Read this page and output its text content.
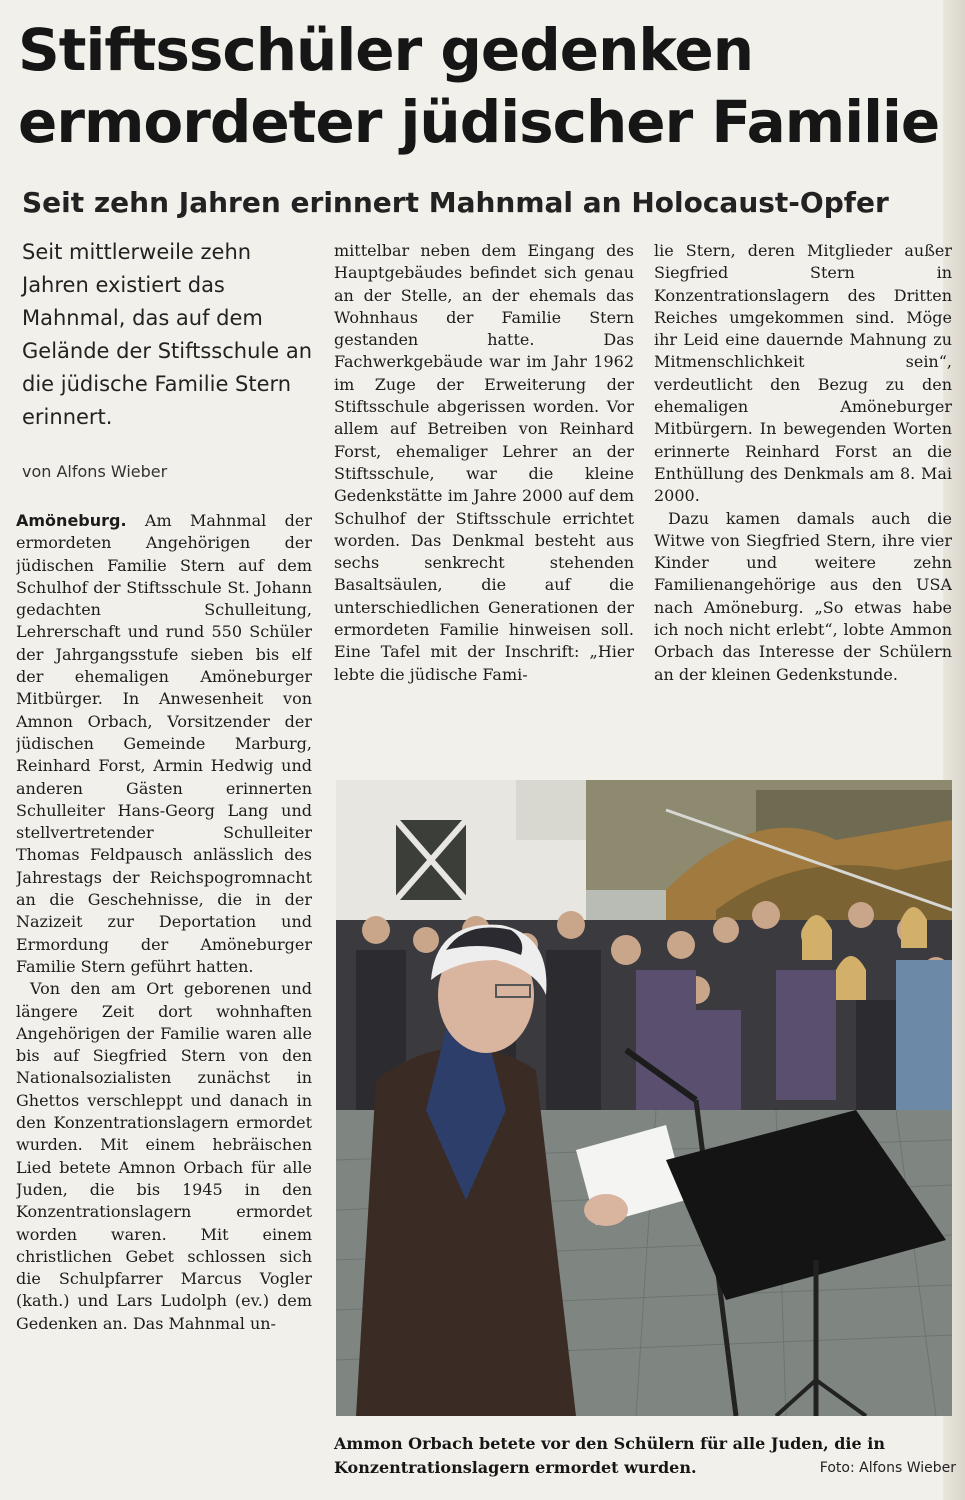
Stiftsschüler gedenken
ermordeter jüdischer Familie
Seit zehn Jahren erinnert Mahnmal an Holocaust-Opfer

Seit mittlerweile zehn Jahren existiert das Mahnmal, das auf dem Gelände der Stiftsschule an die jüdische Familie Stern erinnert.

von Alfons Wieber

Amöneburg. Am Mahnmal der ermordeten Angehörigen der jüdischen Familie Stern auf dem Schulhof der Stiftsschule St. Johann gedachten Schulleitung, Lehrerschaft und rund 550 Schüler der Jahrgangsstufe sieben bis elf der ehemaligen Amöneburger Mitbürger. In Anwesenheit von Amnon Orbach, Vorsitzender der jüdischen Gemeinde Marburg, Reinhard Forst, Armin Hedwig und anderen Gästen erinnerten Schulleiter Hans-Georg Lang und stellvertretender Schulleiter Thomas Feldpausch anlässlich des Jahrestags der Reichspogromnacht an die Geschehnisse, die in der Nazizeit zur Deportation und Ermordung der Amöneburger Familie Stern geführt hatten.

Von den am Ort geborenen und längere Zeit dort wohnhaften Angehörigen der Familie waren alle bis auf Siegfried Stern von den Nationalsozialisten zunächst in Ghettos verschleppt und danach in den Konzentrationslagern ermordet wurden. Mit einem hebräischen Lied betete Amnon Orbach für alle Juden, die bis 1945 in den Konzentrationslagern ermordet worden waren. Mit einem christlichen Gebet schlossen sich die Schulpfarrer Marcus Vogler (kath.) und Lars Ludolph (ev.) dem Gedenken an. Das Mahnmal un-

mittelbar neben dem Eingang des Hauptgebäudes befindet sich genau an der Stelle, an der ehemals das Wohnhaus der Familie Stern gestanden hatte. Das Fachwerkgebäude war im Jahr 1962 im Zuge der Erweiterung der Stiftsschule abgerissen worden. Vor allem auf Betreiben von Reinhard Forst, ehemaliger Lehrer an der Stiftsschule, war die kleine Gedenkstätte im Jahre 2000 auf dem Schulhof der Stiftsschule errichtet worden. Das Denkmal besteht aus sechs senkrecht stehenden Basaltsäulen, die auf die unterschiedlichen Generationen der ermordeten Familie hinweisen soll. Eine Tafel mit der Inschrift: „Hier lebte die jüdische Fami-

lie Stern, deren Mitglieder außer Siegfried Stern in Konzentrationslagern des Dritten Reiches umgekommen sind. Möge ihr Leid eine dauernde Mahnung zu Mitmenschlichkeit sein“, verdeutlicht den Bezug zu den ehemaligen Amöneburger Mitbürgern. In bewegenden Worten erinnerte Reinhard Forst an die Enthüllung des Denkmals am 8. Mai 2000.

Dazu kamen damals auch die Witwe von Siegfried Stern, ihre vier Kinder und weitere zehn Familienangehörige aus den USA nach Amöneburg. „So etwas habe ich noch nicht erlebt“, lobte Ammon Orbach das Interesse der Schülern an der kleinen Gedenkstunde.

Ammon Orbach betete vor den Schülern für alle Juden, die in Konzentrationslagern ermordet wurden.	Foto: Alfons Wieber
